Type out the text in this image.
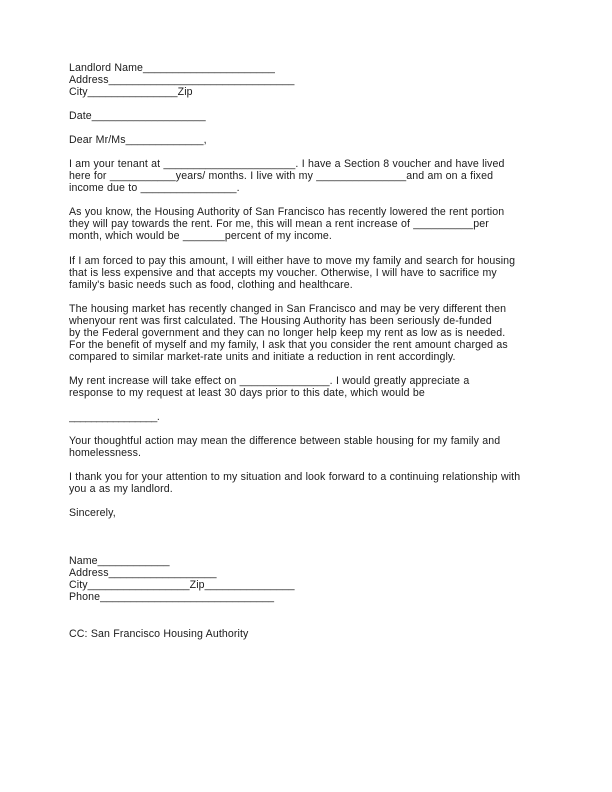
Landlord Name______________________
Address_______________________________
City_______________Zip
Date___________________
Dear Mr/Ms_____________,
I am your tenant at ______________________. I have a Section 8 voucher and have lived
here for ___________years/ months. I live with my _______________and am on a fixed
income due to ________________.
As you know, the Housing Authority of San Francisco has recently lowered the rent portion
they will pay towards the rent. For me, this will mean a rent increase of __________per
month, which would be _______percent of my income.
If I am forced to pay this amount, I will either have to move my family and search for housing
that is less expensive and that accepts my voucher. Otherwise, I will have to sacrifice my
family's basic needs such as food, clothing and healthcare.
The housing market has recently changed in San Francisco and may be very different then
whenyour rent was first calculated. The Housing Authority has been seriously de-funded
by the Federal government and they can no longer help keep my rent as low as is needed.
For the benefit of myself and my family, I ask that you consider the rent amount charged as
compared to similar market-rate units and initiate a reduction in rent accordingly.
My rent increase will take effect on _______________. I would greatly appreciate a
response to my request at least 30 days prior to this date, which would be

________________.
Your thoughtful action may mean the difference between stable housing for my family and
homelessness.
I thank you for your attention to my situation and look forward to a continuing relationship with
you a as my landlord.
Sincerely,
Name____________
Address__________________
City_________________Zip_______________
Phone_____________________________
CC: San Francisco Housing Authority
